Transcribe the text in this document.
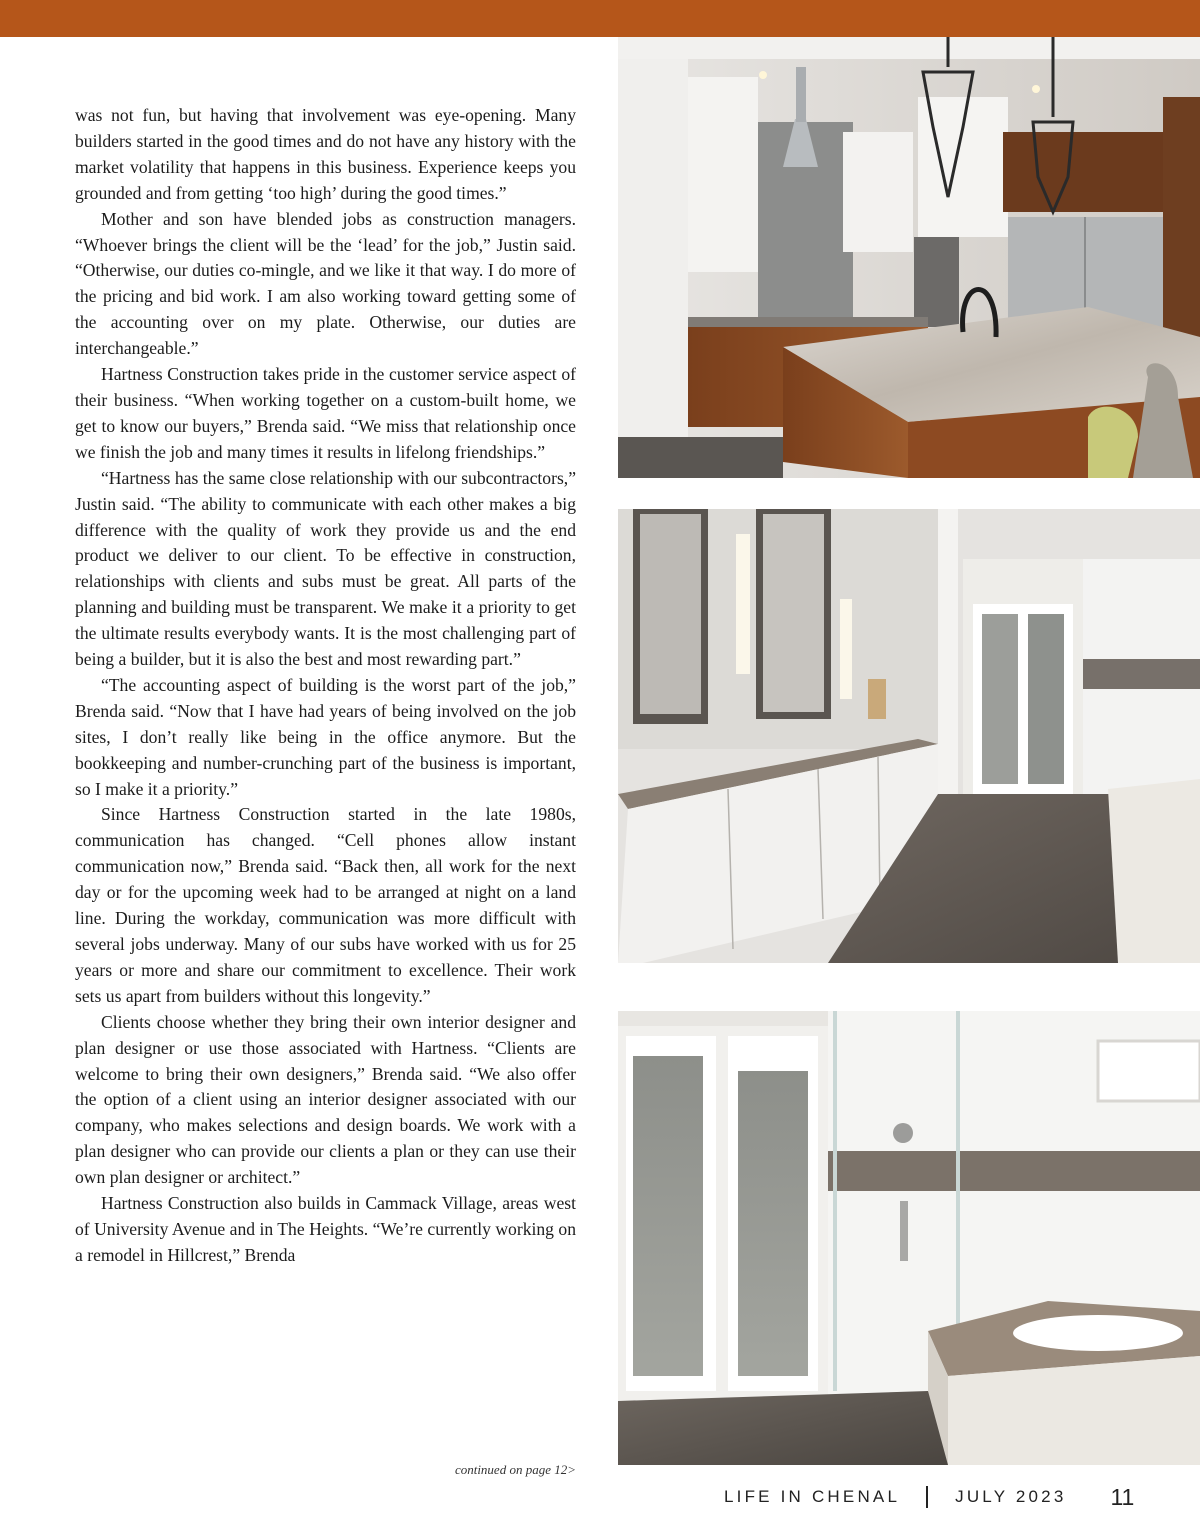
was not fun, but having that involvement was eye-opening. Many builders started in the good times and do not have any history with the market volatility that happens in this business. Experience keeps you grounded and from getting ‘too high’ during the good times.”

Mother and son have blended jobs as construction managers. “Whoever brings the client will be the ‘lead’ for the job,” Justin said. “Otherwise, our duties co-mingle, and we like it that way. I do more of the pricing and bid work. I am also working toward getting some of the accounting over on my plate. Otherwise, our duties are interchangeable.”

Hartness Construction takes pride in the customer service aspect of their business. “When working together on a custom-built home, we get to know our buyers,” Brenda said. “We miss that relationship once we finish the job and many times it results in lifelong friendships.”

“Hartness has the same close relationship with our subcontractors,” Justin said. “The ability to communicate with each other makes a big difference with the quality of work they provide us and the end product we deliver to our client. To be effective in construction, relationships with clients and subs must be great. All parts of the planning and building must be transparent. We make it a priority to get the ultimate results everybody wants. It is the most challenging part of being a builder, but it is also the best and most rewarding part.”

“The accounting aspect of building is the worst part of the job,” Brenda said. “Now that I have had years of being involved on the job sites, I don’t really like being in the office anymore. But the bookkeeping and number-crunching part of the business is important, so I make it a priority.”

Since Hartness Construction started in the late 1980s, communication has changed. “Cell phones allow instant communication now,” Brenda said. “Back then, all work for the next day or for the upcoming week had to be arranged at night on a land line. During the workday, communication was more difficult with several jobs underway. Many of our subs have worked with us for 25 years or more and share our commitment to excellence. Their work sets us apart from builders without this longevity.”

Clients choose whether they bring their own interior designer and plan designer or use those associated with Hartness. “Clients are welcome to bring their own designers,” Brenda said. “We also offer the option of a client using an interior designer associated with our company, who makes selections and design boards. We work with a plan designer who can provide our clients a plan or they can use their own plan designer or architect.”

Hartness Construction also builds in Cammack Village, areas west of University Avenue and in The Heights. “We’re currently working on a remodel in Hillcrest,” Brenda

continued on page 12>
LIFE IN CHENAL	JULY 2023 11
